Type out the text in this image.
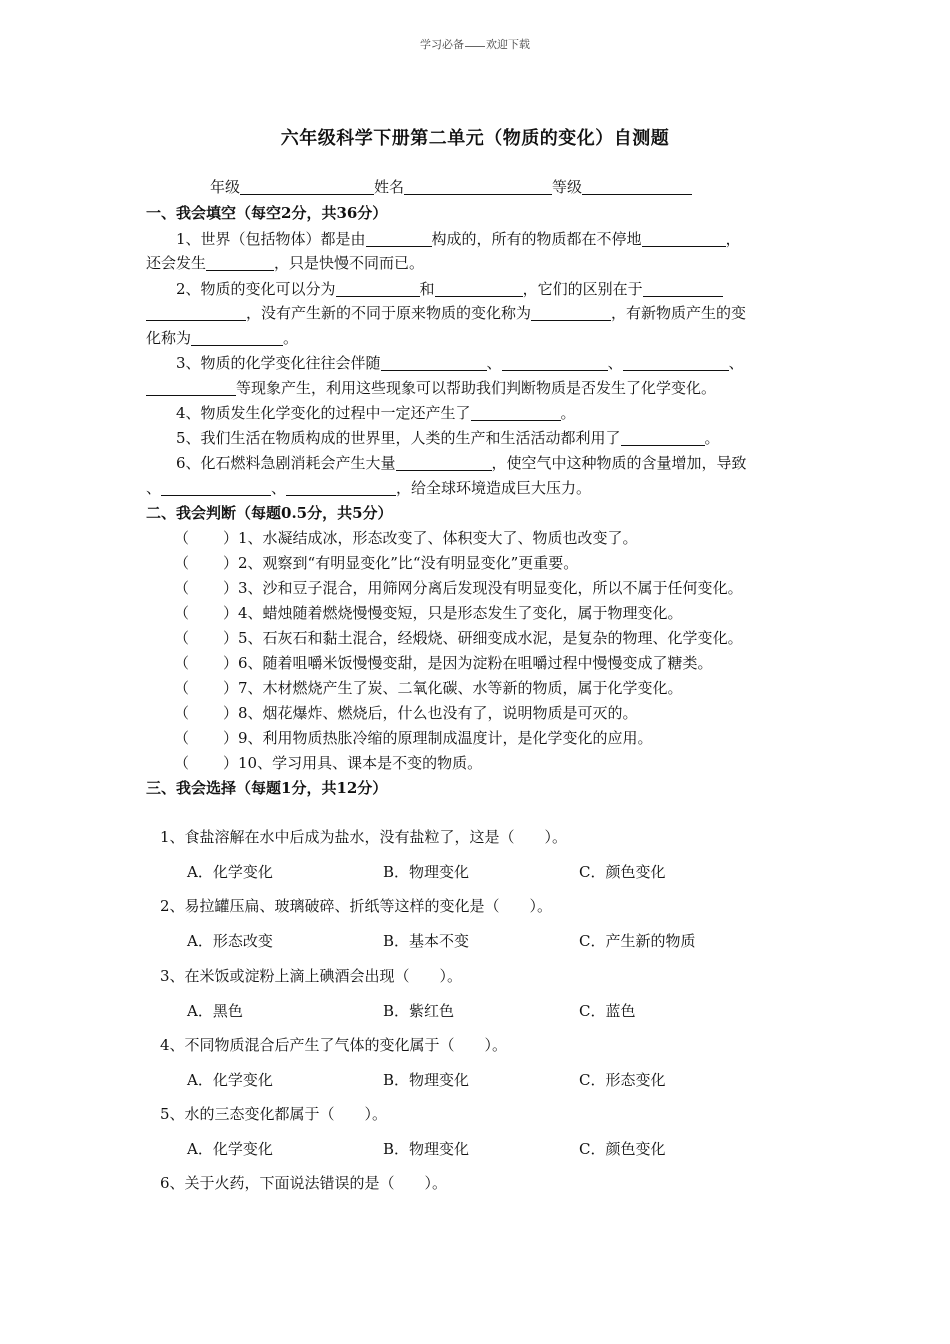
学习必备 欢迎下载
六年级科学下册第二单元（物质的变化）自测题
年级	姓名	等级
一、我会填空（每空2分，共36分）
1、世界（包括物体）都是由	构成的，所有的物质都在不停地	，
还会发生	，只是快慢不同而已。
2、物质的变化可以分为	和	，它们的区别在于
，没有产生新的不同于原来物质的变化称为	，有新物质产生的变
化称为	。
3、物质的化学变化往往会伴随	、	、	、
等现象产生，利用这些现象可以帮助我们判断物质是否发生了化学变化。
4、物质发生化学变化的过程中一定还产生了	。
5、我们生活在物质构成的世界里，人类的生产和生活活动都利用了	。
6、化石燃料急剧消耗会产生大量	，使空气中这种物质的含量增加，导致
、	、	，给全球环境造成巨大压力。
二、我会判断（每题0.5分，共5分）
（ ）1、水凝结成冰，形态改变了、体积变大了、物质也改变了。
（ ）2、观察到“有明显变化”比“没有明显变化”更重要。
（ ）3、沙和豆子混合，用筛网分离后发现没有明显变化，所以不属于任何变化。
（ ）4、蜡烛随着燃烧慢慢变短，只是形态发生了变化，属于物理变化。
（ ）5、石灰石和黏土混合，经煅烧、研细变成水泥，是复杂的物理、化学变化。
（ ）6、随着咀嚼米饭慢慢变甜，是因为淀粉在咀嚼过程中慢慢变成了糖类。
（ ）7、木材燃烧产生了炭、二氧化碳、水等新的物质，属于化学变化。
（ ）8、烟花爆炸、燃烧后，什么也没有了，说明物质是可灭的。
（ ）9、利用物质热胀冷缩的原理制成温度计，是化学变化的应用。
（ ）10、学习用具、课本是不变的物质。
三、我会选择（每题1分，共12分）
1、食盐溶解在水中后成为盐水，没有盐粒了，这是（　　）。
A．化学变化	B．物理变化	C．颜色变化
2、易拉罐压扁、玻璃破碎、折纸等这样的变化是（　　）。
A．形态改变	B．基本不变	C．产生新的物质
3、在米饭或淀粉上滴上碘酒会出现（　　）。
A．黑色	B．紫红色	C．蓝色
4、不同物质混合后产生了气体的变化属于（　　）。
A．化学变化	B．物理变化	C．形态变化
5、水的三态变化都属于（　　）。
A．化学变化	B．物理变化	C．颜色变化
6、关于火药，下面说法错误的是（　　）。
